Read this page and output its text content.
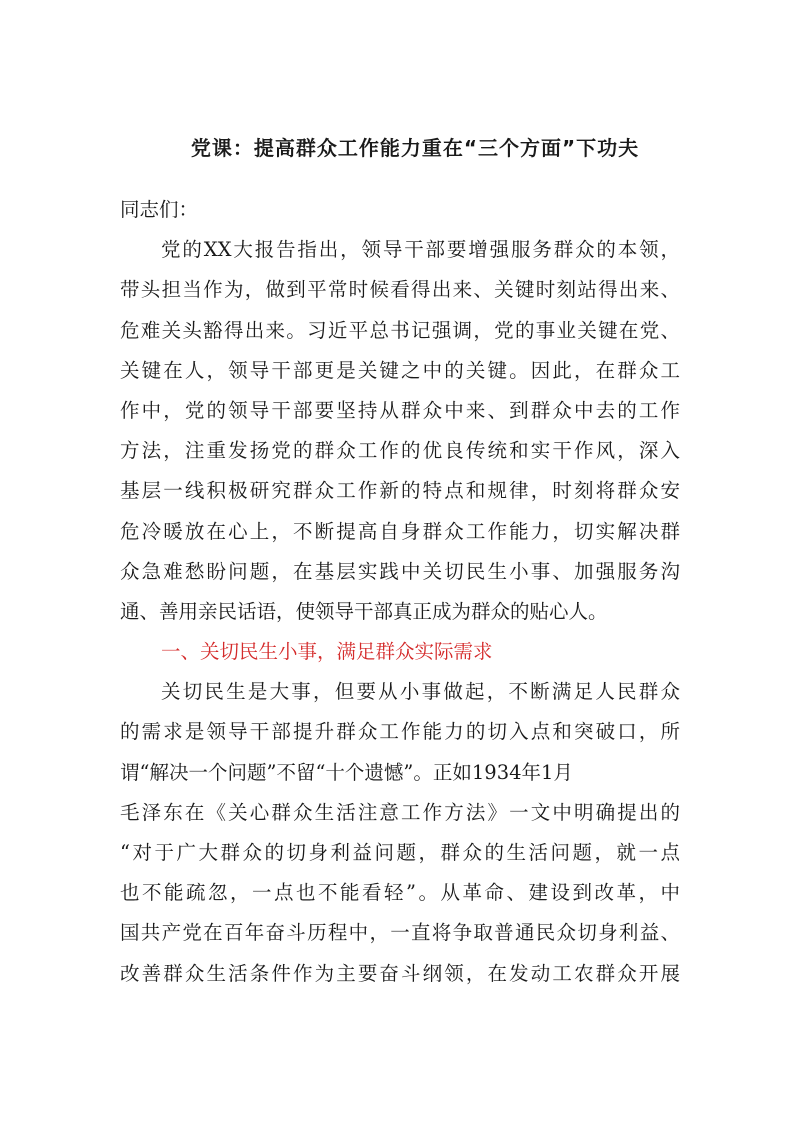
党课：提高群众工作能力重在“三个方面”下功夫
同志们：
党的XX大报告指出，领导干部要增强服务群众的本领，
带头担当作为，做到平常时候看得出来、关键时刻站得出来、
危难关头豁得出来。习近平总书记强调，党的事业关键在党、
关键在人，领导干部更是关键之中的关键。因此，在群众工
作中，党的领导干部要坚持从群众中来、到群众中去的工作
方法，注重发扬党的群众工作的优良传统和实干作风，深入
基层一线积极研究群众工作新的特点和规律，时刻将群众安
危冷暖放在心上，不断提高自身群众工作能力，切实解决群
众急难愁盼问题，在基层实践中关切民生小事、加强服务沟
通、善用亲民话语，使领导干部真正成为群众的贴心人。
一、关切民生小事，满足群众实际需求
关切民生是大事，但要从小事做起，不断满足人民群众
的需求是领导干部提升群众工作能力的切入点和突破口，所
谓“解决一个问题”不留“十个遗憾”。正如1934年1月
毛泽东在《关心群众生活注意工作方法》一文中明确提出的
“对于广大群众的切身利益问题，群众的生活问题，就一点
也不能疏忽，一点也不能看轻”。从革命、建设到改革，中
国共产党在百年奋斗历程中，一直将争取普通民众切身利益、
改善群众生活条件作为主要奋斗纲领，在发动工农群众开展
